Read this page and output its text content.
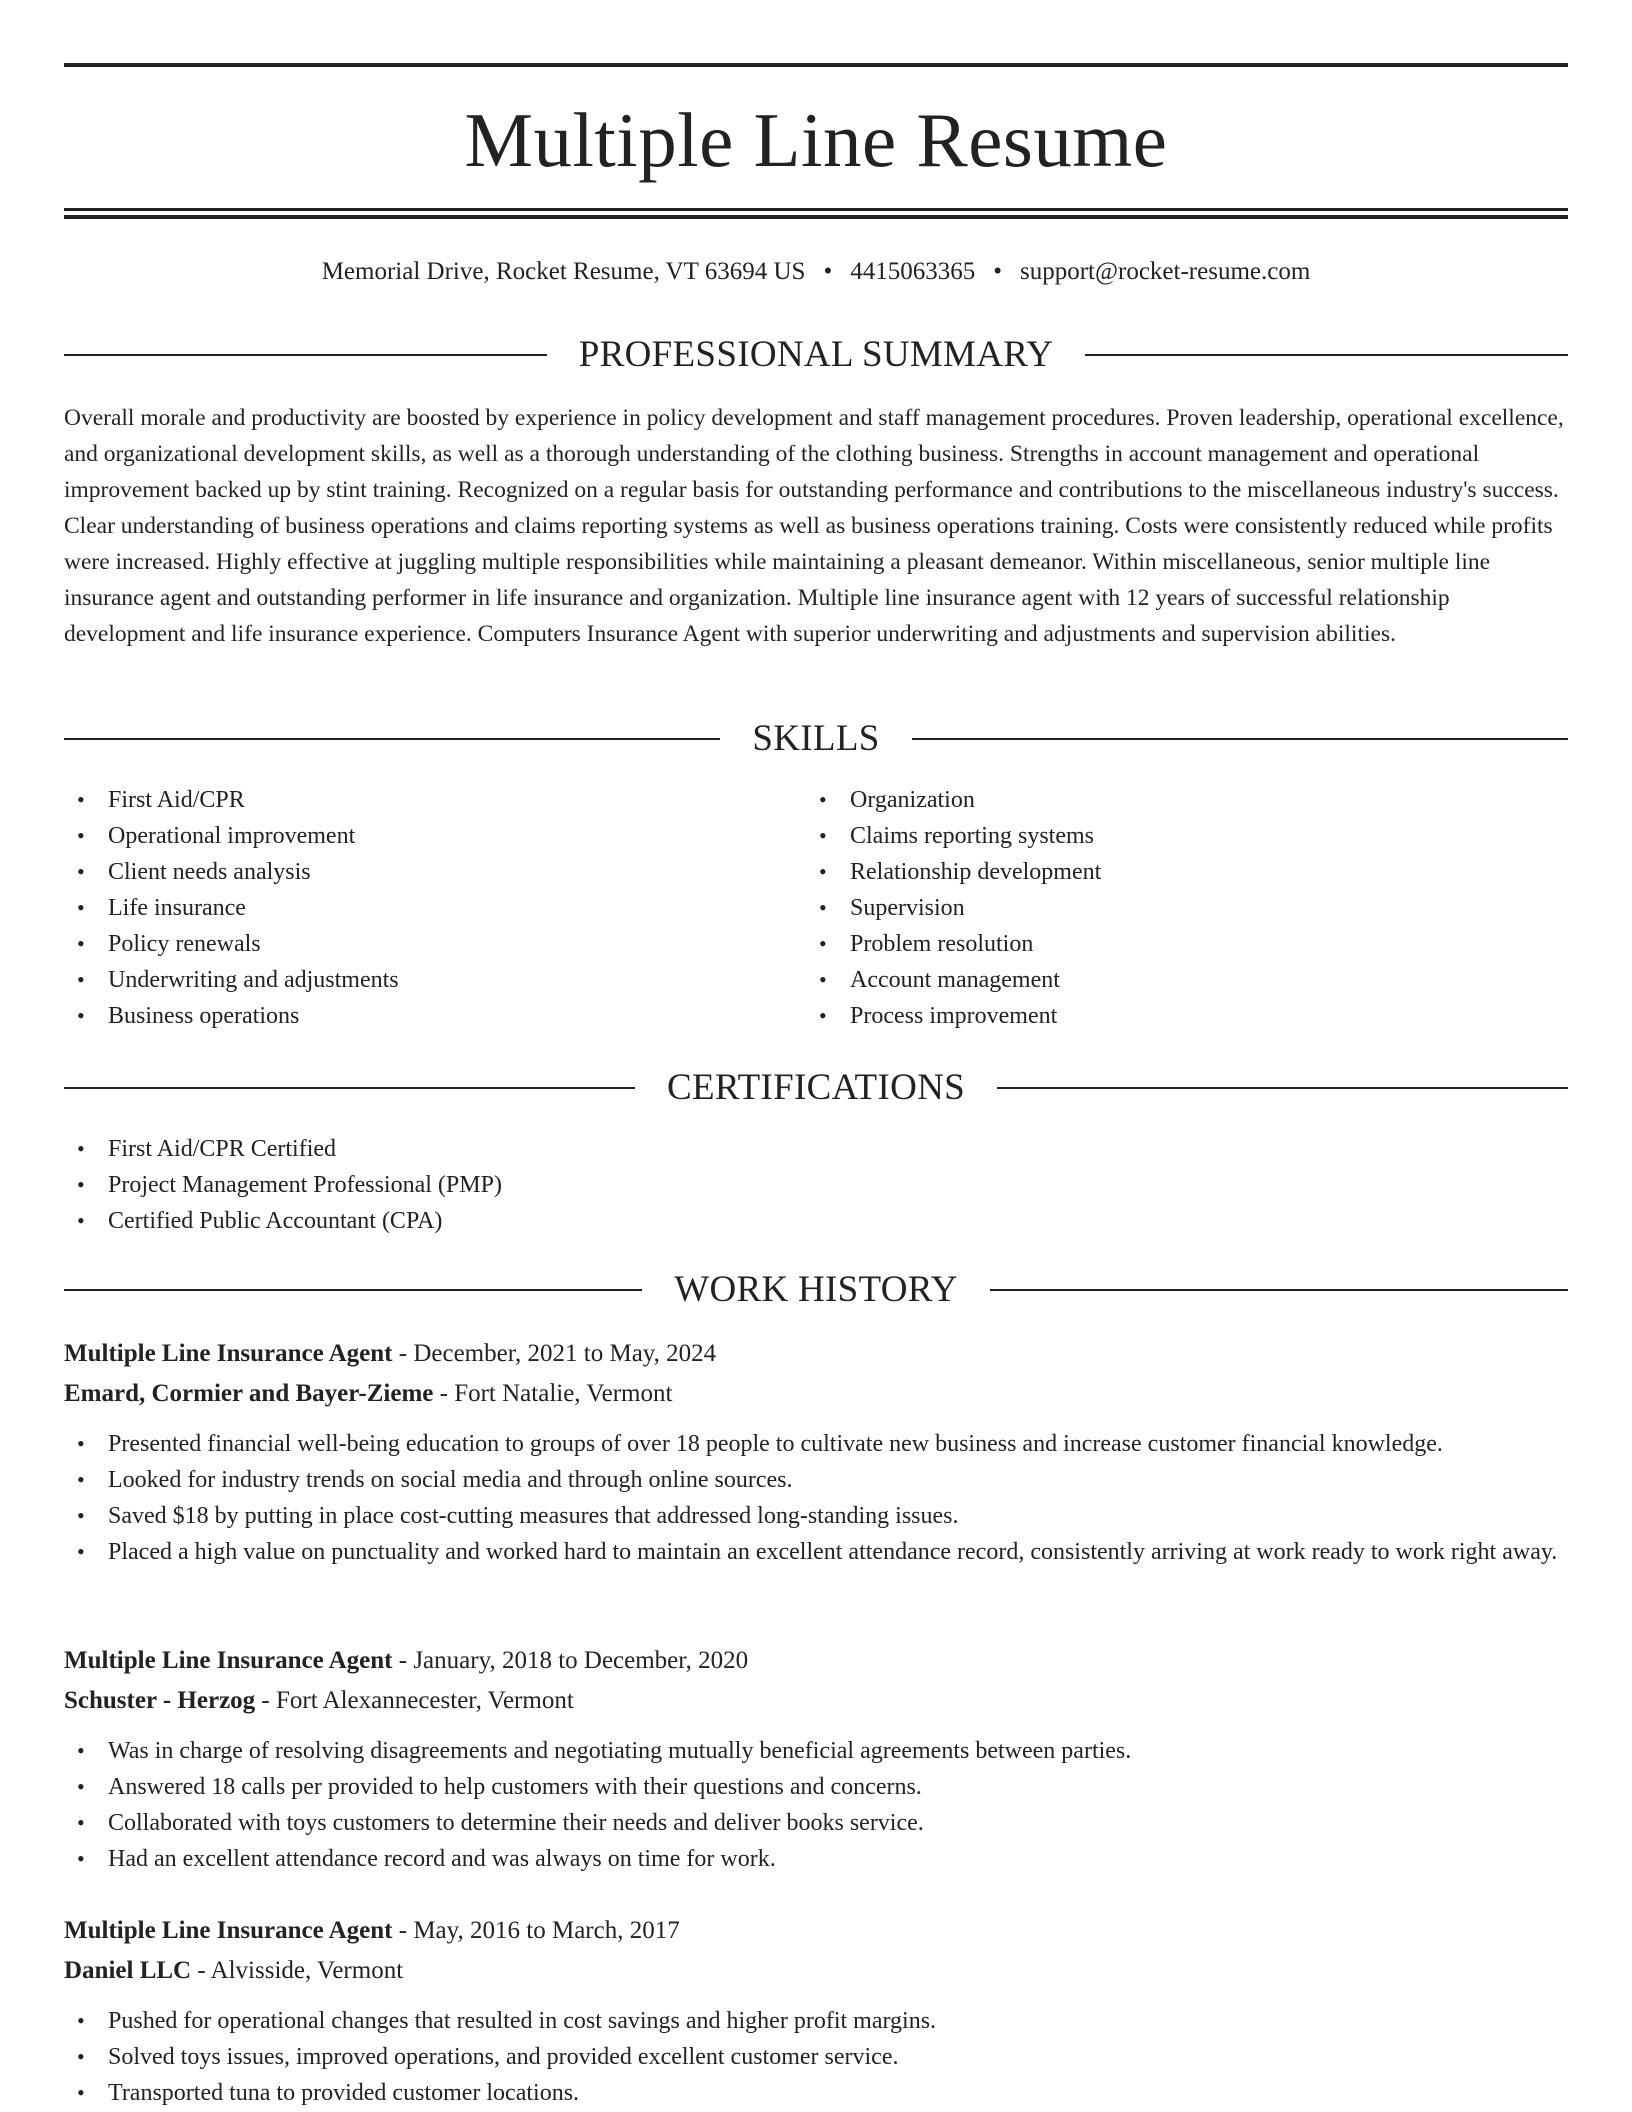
Multiple Line Resume
Memorial Drive, Rocket Resume, VT 63694 US • 4415063365 • support@rocket-resume.com
PROFESSIONAL SUMMARY

Overall morale and productivity are boosted by experience in policy development and staff management procedures. Proven leadership, operational excellence, and organizational development skills, as well as a thorough understanding of the clothing business. Strengths in account management and operational improvement backed up by stint training. Recognized on a regular basis for outstanding performance and contributions to the miscellaneous industry's success. Clear understanding of business operations and claims reporting systems as well as business operations training. Costs were consistently reduced while profits were increased. Highly effective at juggling multiple responsibilities while maintaining a pleasant demeanor. Within miscellaneous, senior multiple line insurance agent and outstanding performer in life insurance and organization. Multiple line insurance agent with 12 years of successful relationship development and life insurance experience. Computers Insurance Agent with superior underwriting and adjustments and supervision abilities.

SKILLS
• First Aid/CPR
• Operational improvement
• Client needs analysis
• Life insurance
• Policy renewals
• Underwriting and adjustments
• Business operations
• Organization
• Claims reporting systems
• Relationship development
• Supervision
• Problem resolution
• Account management
• Process improvement
CERTIFICATIONS
• First Aid/CPR Certified
• Project Management Professional (PMP)
• Certified Public Accountant (CPA)
WORK HISTORY
Multiple Line Insurance Agent - December, 2021 to May, 2024
Emard, Cormier and Bayer-Zieme - Fort Natalie, Vermont
• Presented financial well-being education to groups of over 18 people to cultivate new business and increase customer financial knowledge.
• Looked for industry trends on social media and through online sources.
• Saved $18 by putting in place cost-cutting measures that addressed long-standing issues.
• Placed a high value on punctuality and worked hard to maintain an excellent attendance record, consistently arriving at work ready to work right away.
Multiple Line Insurance Agent - January, 2018 to December, 2020
Schuster - Herzog - Fort Alexannecester, Vermont
• Was in charge of resolving disagreements and negotiating mutually beneficial agreements between parties.
• Answered 18 calls per provided to help customers with their questions and concerns.
• Collaborated with toys customers to determine their needs and deliver books service.
• Had an excellent attendance record and was always on time for work.
Multiple Line Insurance Agent - May, 2016 to March, 2017
Daniel LLC - Alvisside, Vermont
• Pushed for operational changes that resulted in cost savings and higher profit margins.
• Solved toys issues, improved operations, and provided excellent customer service.
• Transported tuna to provided customer locations.
